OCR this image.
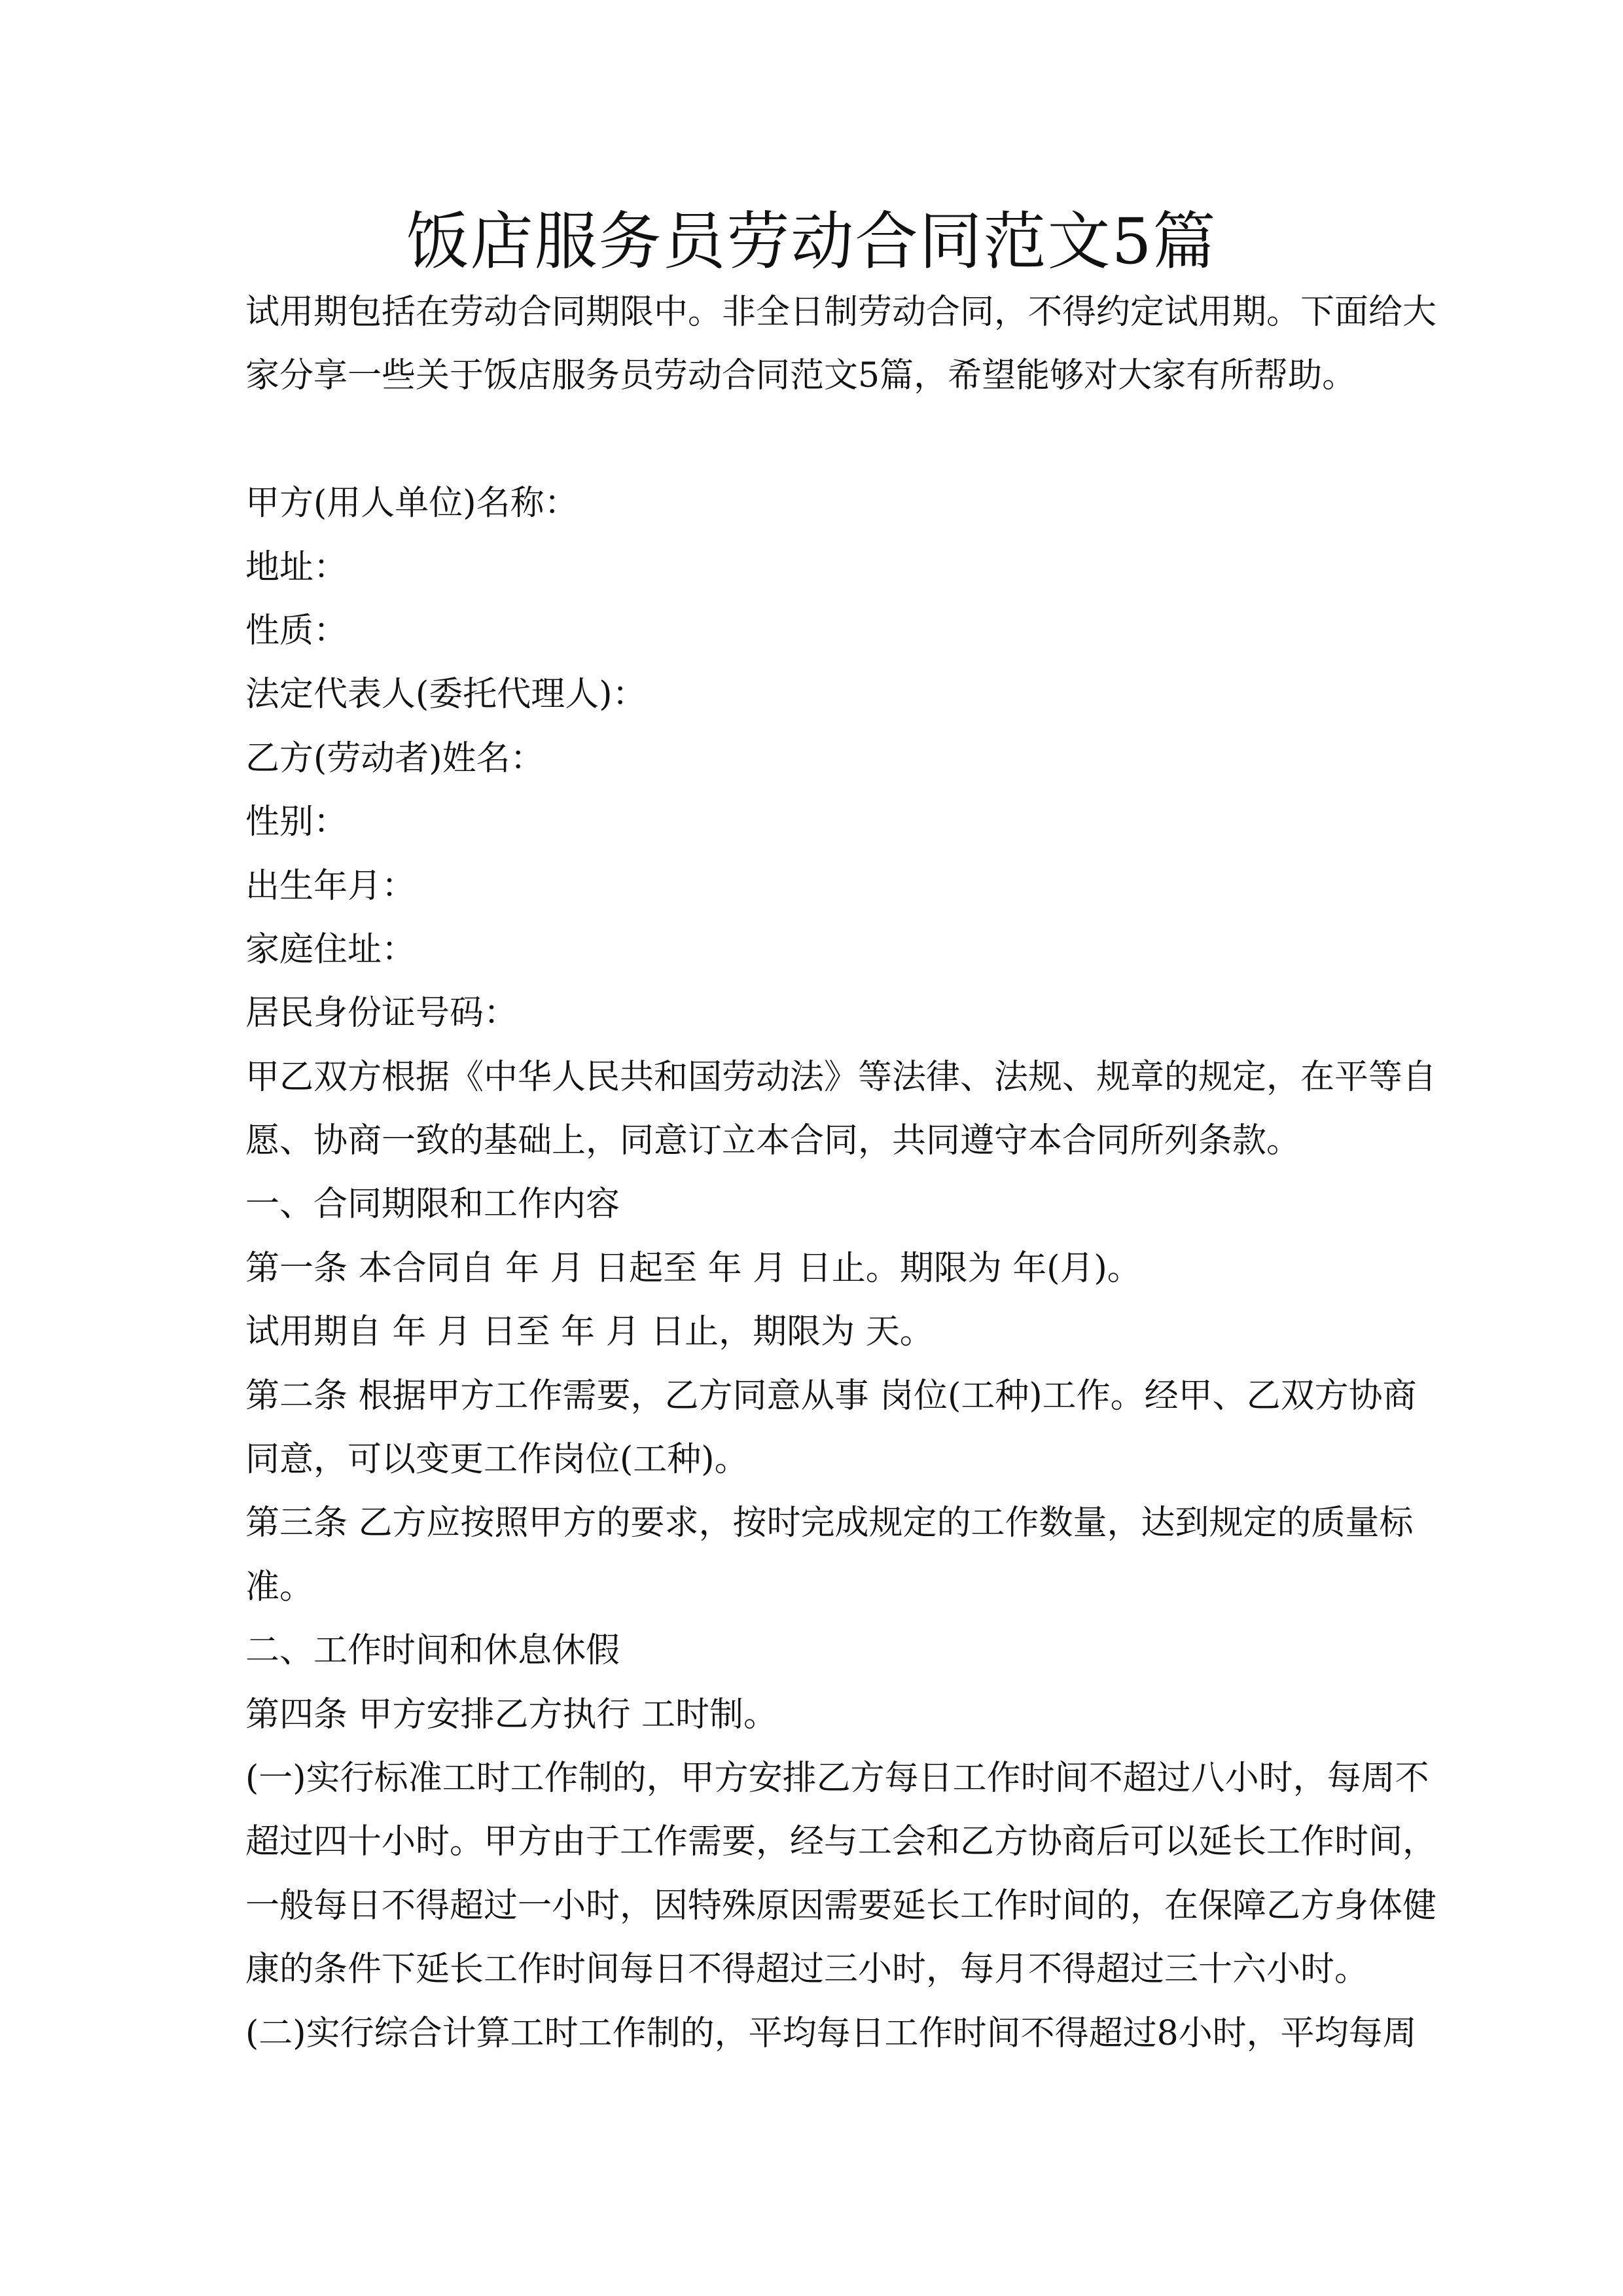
饭店服务员劳动合同范文5篇
试用期包括在劳动合同期限中。非全日制劳动合同，不得约定试用期。下面给大
家分享一些关于饭店服务员劳动合同范文5篇，希望能够对大家有所帮助。
甲方(用人单位)名称：
地址：
性质：
法定代表人(委托代理人)：
乙方(劳动者)姓名：
性别：
出生年月：
家庭住址：
居民身份证号码：
甲乙双方根据《中华人民共和国劳动法》等法律、法规、规章的规定，在平等自
愿、协商一致的基础上，同意订立本合同，共同遵守本合同所列条款。
一、合同期限和工作内容
第一条 本合同自 年 月 日起至 年 月 日止。期限为 年(月)。
试用期自 年 月 日至 年 月 日止，期限为 天。
第二条 根据甲方工作需要，乙方同意从事 岗位(工种)工作。经甲、乙双方协商
同意，可以变更工作岗位(工种)。
第三条 乙方应按照甲方的要求，按时完成规定的工作数量，达到规定的质量标
准。
二、工作时间和休息休假
第四条 甲方安排乙方执行 工时制。
(一)实行标准工时工作制的，甲方安排乙方每日工作时间不超过八小时，每周不
超过四十小时。甲方由于工作需要，经与工会和乙方协商后可以延长工作时间，
一般每日不得超过一小时，因特殊原因需要延长工作时间的，在保障乙方身体健
康的条件下延长工作时间每日不得超过三小时，每月不得超过三十六小时。
(二)实行综合计算工时工作制的，平均每日工作时间不得超过8小时，平均每周
